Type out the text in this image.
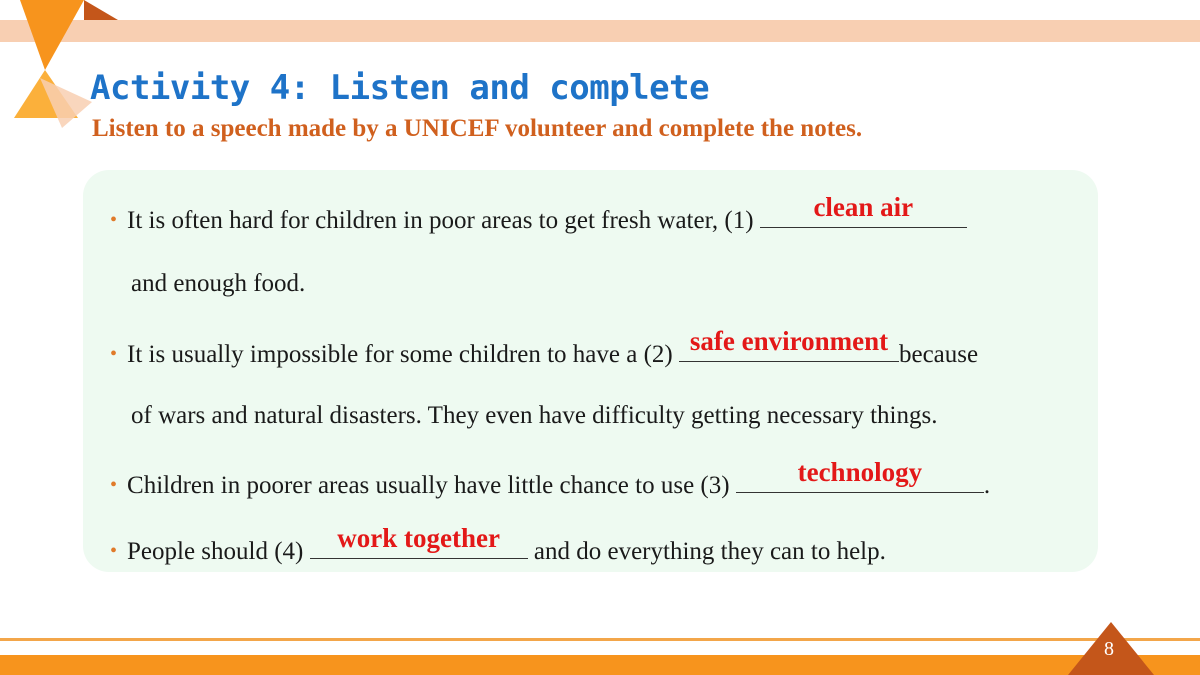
Activity 4: Listen and complete
Listen to a speech made by a UNICEF volunteer and complete the notes.
• It is often hard for children in poor areas to get fresh water, (1)	clean air
and enough food.
• It is usually impossible for some children to have a (2) safe environment because
of wars and natural disasters. They even have difficulty getting necessary things.
• Children in poorer areas usually have little chance to use (3)	technology	.
• People should (4)	work together	and do everything they can to help.
8
